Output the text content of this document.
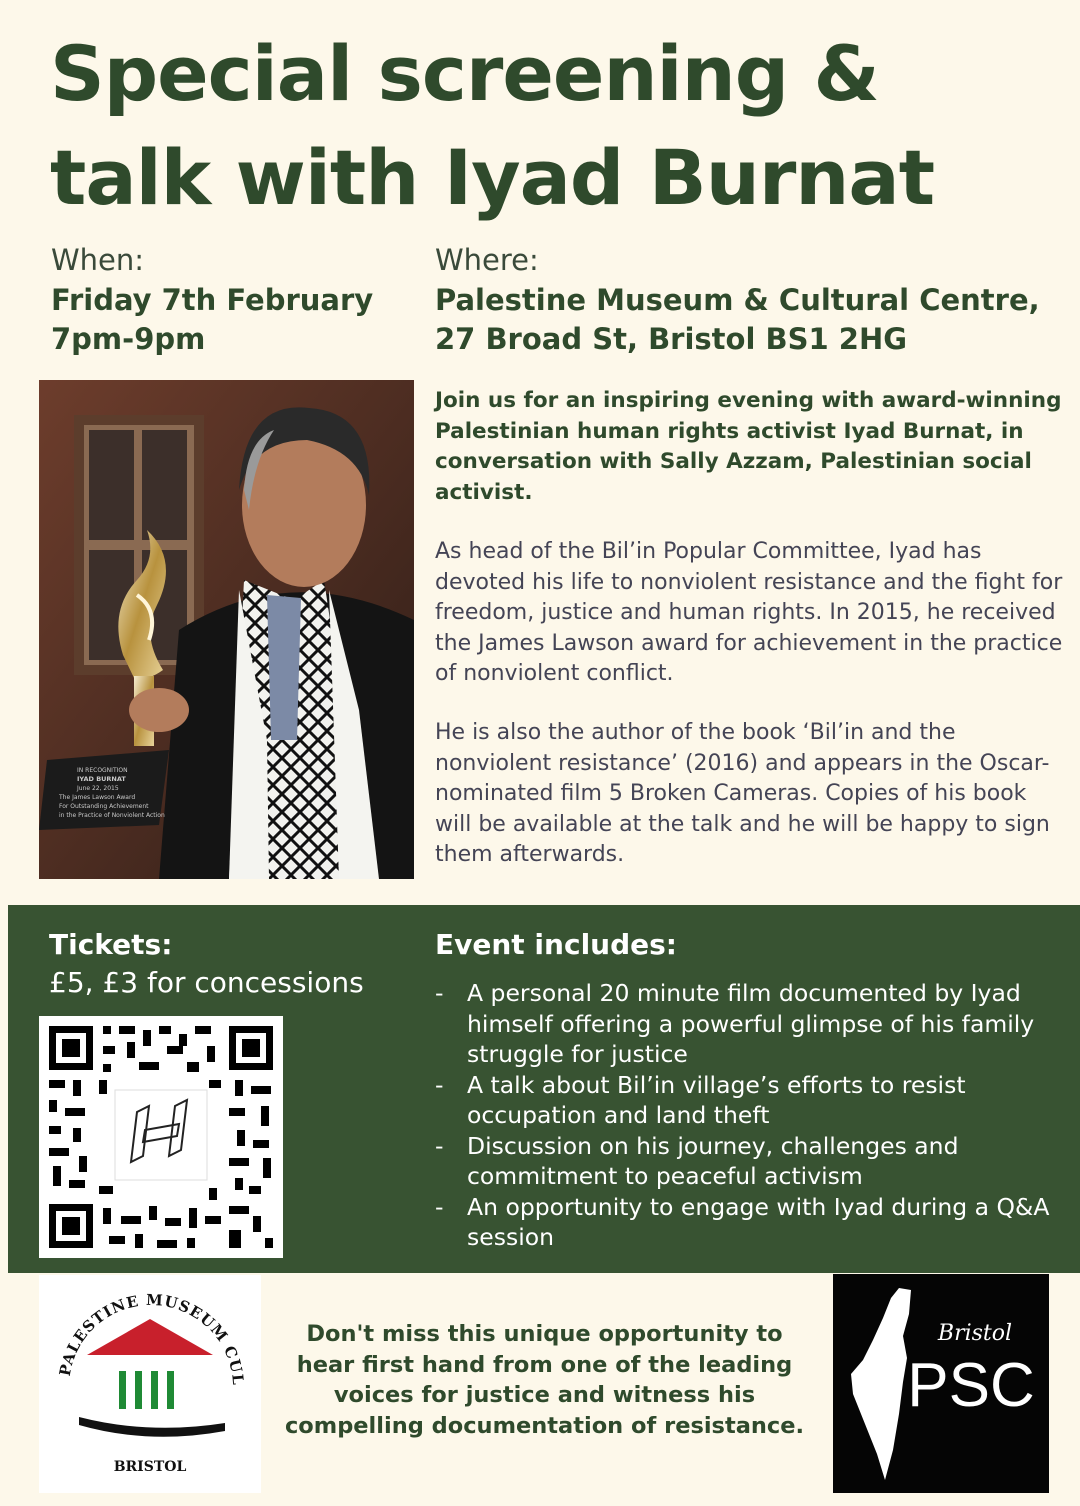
Special screening &
talk with Iyad Burnat
When:
Friday 7th February
7pm-9pm
Where:
Palestine Museum & Cultural Centre,
27 Broad St, Bristol BS1 2HG
IN RECOGNITION
IYAD BURNAT
June 22, 2015
The James Lawson Award
For Outstanding Achievement
in the Practice of Nonviolent Action
Join us for an inspiring evening with award-winning Palestinian human rights activist Iyad Burnat, in conversation with Sally Azzam, Palestinian social activist.
As head of the Bil’in Popular Committee, Iyad has devoted his life to nonviolent resistance and the fight for freedom, justice and human rights. In 2015, he received the James Lawson award for achievement in the practice of nonviolent conflict.
He is also the author of the book ‘Bil’in and the nonviolent resistance’ (2016) and appears in the Oscar-nominated film 5 Broken Cameras. Copies of his book will be available at the talk and he will be happy to sign them afterwards.
Tickets:
£5, £3 for concessions
Event includes:
- A personal 20 minute film documented by Iyad himself offering a powerful glimpse of his family struggle for justice
- A talk about Bil’in village’s efforts to resist occupation and land theft
- Discussion on his journey, challenges and commitment to peaceful activism
- An opportunity to engage with Iyad during a Q&A session
PALESTINE MUSEUM CUL
BRISTOL
Don't miss this unique opportunity to hear first hand from one of the leading voices for justice and witness his compelling documentation of resistance.
Bristol
PSC
